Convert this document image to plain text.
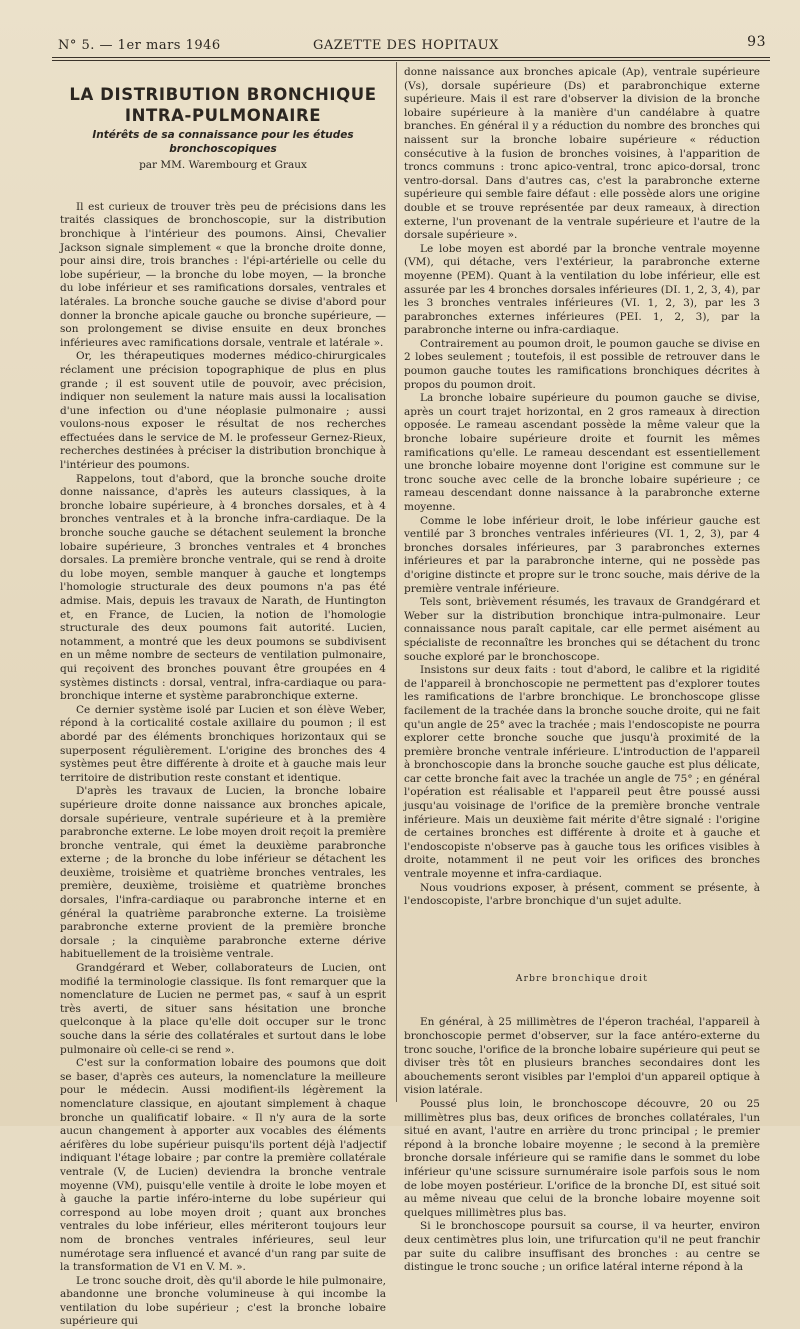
N° 5. — 1er mars 1946	GAZETTE DES HOPITAUX	93
LA DISTRIBUTION BRONCHIQUE
INTRA-PULMONAIRE
Intérêts de sa connaissance pour les études bronchoscopiques
par MM. Warembourg et Graux

Il est curieux de trouver très peu de précisions dans les traités classiques de bronchoscopie, sur la distribution bronchique à l'intérieur des poumons. Ainsi, Chevalier Jackson signale simplement « que la bronche droite donne, pour ainsi dire, trois branches : l'épi-artérielle ou celle du lobe supérieur, — la bronche du lobe moyen, — la bronche du lobe inférieur et ses ramifications dorsales, ventrales et latérales. La bronche souche gauche se divise d'abord pour donner la bronche apicale gauche ou bronche supérieure, — son prolongement se divise ensuite en deux bronches inférieures avec ramifications dorsale, ventrale et latérale ».

Or, les thérapeutiques modernes médico-chirurgicales réclament une précision topographique de plus en plus grande ; il est souvent utile de pouvoir, avec précision, indiquer non seulement la nature mais aussi la localisation d'une infection ou d'une néoplasie pulmonaire ; aussi voulons-nous exposer le résultat de nos recherches effectuées dans le service de M. le professeur Gernez-Rieux, recherches destinées à préciser la distribution bronchique à l'intérieur des poumons.

Rappelons, tout d'abord, que la bronche souche droite donne naissance, d'après les auteurs classiques, à la bronche lobaire supérieure, à 4 bronches dorsales, et à 4 bronches ventrales et à la bronche infra-cardiaque. De la bronche souche gauche se détachent seulement la bronche lobaire supérieure, 3 bronches ventrales et 4 bronches dorsales. La première bronche ventrale, qui se rend à droite du lobe moyen, semble manquer à gauche et longtemps l'homologie structurale des deux poumons n'a pas été admise. Mais, depuis les travaux de Narath, de Huntington et, en France, de Lucien, la notion de l'homologie structurale des deux poumons fait autorité. Lucien, notamment, a montré que les deux poumons se subdivisent en un même nombre de secteurs de ventilation pulmonaire, qui reçoivent des bronches pouvant être groupées en 4 systèmes distincts : dorsal, ventral, infra-cardiaque ou para-bronchique interne et système parabronchique externe.

Ce dernier système isolé par Lucien et son élève Weber, répond à la corticalité costale axillaire du poumon ; il est abordé par des éléments bronchiques horizontaux qui se superposent régulièrement. L'origine des bronches des 4 systèmes peut être différente à droite et à gauche mais leur territoire de distribution reste constant et identique.

D'après les travaux de Lucien, la bronche lobaire supérieure droite donne naissance aux bronches apicale, dorsale supérieure, ventrale supérieure et à la première parabronche externe. Le lobe moyen droit reçoit la première bronche ventrale, qui émet la deuxième parabronche externe ; de la bronche du lobe inférieur se détachent les deuxième, troisième et quatrième bronches ventrales, les première, deuxième, troisième et quatrième bronches dorsales, l'infra-cardiaque ou parabronche interne et en général la quatrième parabronche externe. La troisième parabronche externe provient de la première bronche dorsale ; la cinquième parabronche externe dérive habituellement de la troisième ventrale.

Grandgérard et Weber, collaborateurs de Lucien, ont modifié la terminologie classique. Ils font remarquer que la nomenclature de Lucien ne permet pas, « sauf à un esprit très averti, de situer sans hésitation une bronche quelconque à la place qu'elle doit occuper sur le tronc souche dans la série des collatérales et surtout dans le lobe pulmonaire où celle-ci se rend ».

C'est sur la conformation lobaire des poumons que doit se baser, d'après ces auteurs, la nomenclature la meilleure pour le médecin. Aussi modifient-ils légèrement la nomenclature classique, en ajoutant simplement à chaque bronche un qualificatif lobaire. « Il n'y aura de la sorte aucun changement à apporter aux vocables des éléments aérifères du lobe supérieur puisqu'ils portent déjà l'adjectif indiquant l'étage lobaire ; par contre la première collatérale ventrale (V, de Lucien) deviendra la bronche ventrale moyenne (VM), puisqu'elle ventile à droite le lobe moyen et à gauche la partie inféro-interne du lobe supérieur qui correspond au lobe moyen droit ; quant aux bronches ventrales du lobe inférieur, elles mériteront toujours leur nom de bronches ventrales inférieures, seul leur numérotage sera influencé et avancé d'un rang par suite de la transformation de V1 en V. M. ».

Le tronc souche droit, dès qu'il aborde le hile pulmonaire, abandonne une bronche volumineuse à qui incombe la ventilation du lobe supérieur ; c'est la bronche lobaire supérieure qui

donne naissance aux bronches apicale (Ap), ventrale supérieure (Vs), dorsale supérieure (Ds) et parabronchique externe supérieure. Mais il est rare d'observer la division de la bronche lobaire supérieure à la manière d'un candélabre à quatre branches. En général il y a réduction du nombre des bronches qui naissent sur la bronche lobaire supérieure « réduction consécutive à la fusion de bronches voisines, à l'apparition de troncs communs : tronc apico-ventral, tronc apico-dorsal, tronc ventro-dorsal. Dans d'autres cas, c'est la parabronche externe supérieure qui semble faire défaut : elle possède alors une origine double et se trouve représentée par deux rameaux, à direction externe, l'un provenant de la ventrale supérieure et l'autre de la dorsale supérieure ».

Le lobe moyen est abordé par la bronche ventrale moyenne (VM), qui détache, vers l'extérieur, la parabronche externe moyenne (PEM). Quant à la ventilation du lobe inférieur, elle est assurée par les 4 bronches dorsales inférieures (DI. 1, 2, 3, 4), par les 3 bronches ventrales inférieures (VI. 1, 2, 3), par les 3 parabronches externes inférieures (PEI. 1, 2, 3), par la parabronche interne ou infra-cardiaque.

Contrairement au poumon droit, le poumon gauche se divise en 2 lobes seulement ; toutefois, il est possible de retrouver dans le poumon gauche toutes les ramifications bronchiques décrites à propos du poumon droit.

La bronche lobaire supérieure du poumon gauche se divise, après un court trajet horizontal, en 2 gros rameaux à direction opposée. Le rameau ascendant possède la même valeur que la bronche lobaire supérieure droite et fournit les mêmes ramifications qu'elle. Le rameau descendant est essentiellement une bronche lobaire moyenne dont l'origine est commune sur le tronc souche avec celle de la bronche lobaire supérieure ; ce rameau descendant donne naissance à la parabronche externe moyenne.

Comme le lobe inférieur droit, le lobe inférieur gauche est ventilé par 3 bronches ventrales inférieures (VI. 1, 2, 3), par 4 bronches dorsales inférieures, par 3 parabronches externes inférieures et par la parabronche interne, qui ne possède pas d'origine distincte et propre sur le tronc souche, mais dérive de la première ventrale inférieure.

Tels sont, brièvement résumés, les travaux de Grandgérard et Weber sur la distribution bronchique intra-pulmonaire. Leur connaissance nous paraît capitale, car elle permet aisément au spécialiste de reconnaître les bronches qui se détachent du tronc souche exploré par le bronchoscope.

Insistons sur deux faits : tout d'abord, le calibre et la rigidité de l'appareil à bronchoscopie ne permettent pas d'explorer toutes les ramifications de l'arbre bronchique. Le bronchoscope glisse facilement de la trachée dans la bronche souche droite, qui ne fait qu'un angle de 25° avec la trachée ; mais l'endoscopiste ne pourra explorer cette bronche souche que jusqu'à proximité de la première bronche ventrale inférieure. L'introduction de l'appareil à bronchoscopie dans la bronche souche gauche est plus délicate, car cette bronche fait avec la trachée un angle de 75° ; en général l'opération est réalisable et l'appareil peut être poussé aussi jusqu'au voisinage de l'orifice de la première bronche ventrale inférieure. Mais un deuxième fait mérite d'être signalé : l'origine de certaines bronches est différente à droite et à gauche et l'endoscopiste n'observe pas à gauche tous les orifices visibles à droite, notamment il ne peut voir les orifices des bronches ventrale moyenne et infra-cardiaque.

Nous voudrions exposer, à présent, comment se présente, à l'endoscopiste, l'arbre bronchique d'un sujet adulte.

Arbre bronchique droit

En général, à 25 millimètres de l'éperon trachéal, l'appareil à bronchoscopie permet d'observer, sur la face antéro-externe du tronc souche, l'orifice de la bronche lobaire supérieure qui peut se diviser très tôt en plusieurs branches secondaires dont les abouchements seront visibles par l'emploi d'un appareil optique à vision latérale.

Poussé plus loin, le bronchoscope découvre, 20 ou 25 millimètres plus bas, deux orifices de bronches collatérales, l'un situé en avant, l'autre en arrière du tronc principal ; le premier répond à la bronche lobaire moyenne ; le second à la première bronche dorsale inférieure qui se ramifie dans le sommet du lobe inférieur qu'une scissure surnuméraire isole parfois sous le nom de lobe moyen postérieur. L'orifice de la bronche DI, est situé soit au même niveau que celui de la bronche lobaire moyenne soit quelques millimètres plus bas.

Si le bronchoscope poursuit sa course, il va heurter, environ deux centimètres plus loin, une trifurcation qu'il ne peut franchir par suite du calibre insuffisant des bronches : au centre se distingue le tronc souche ; un orifice latéral interne répond à la
